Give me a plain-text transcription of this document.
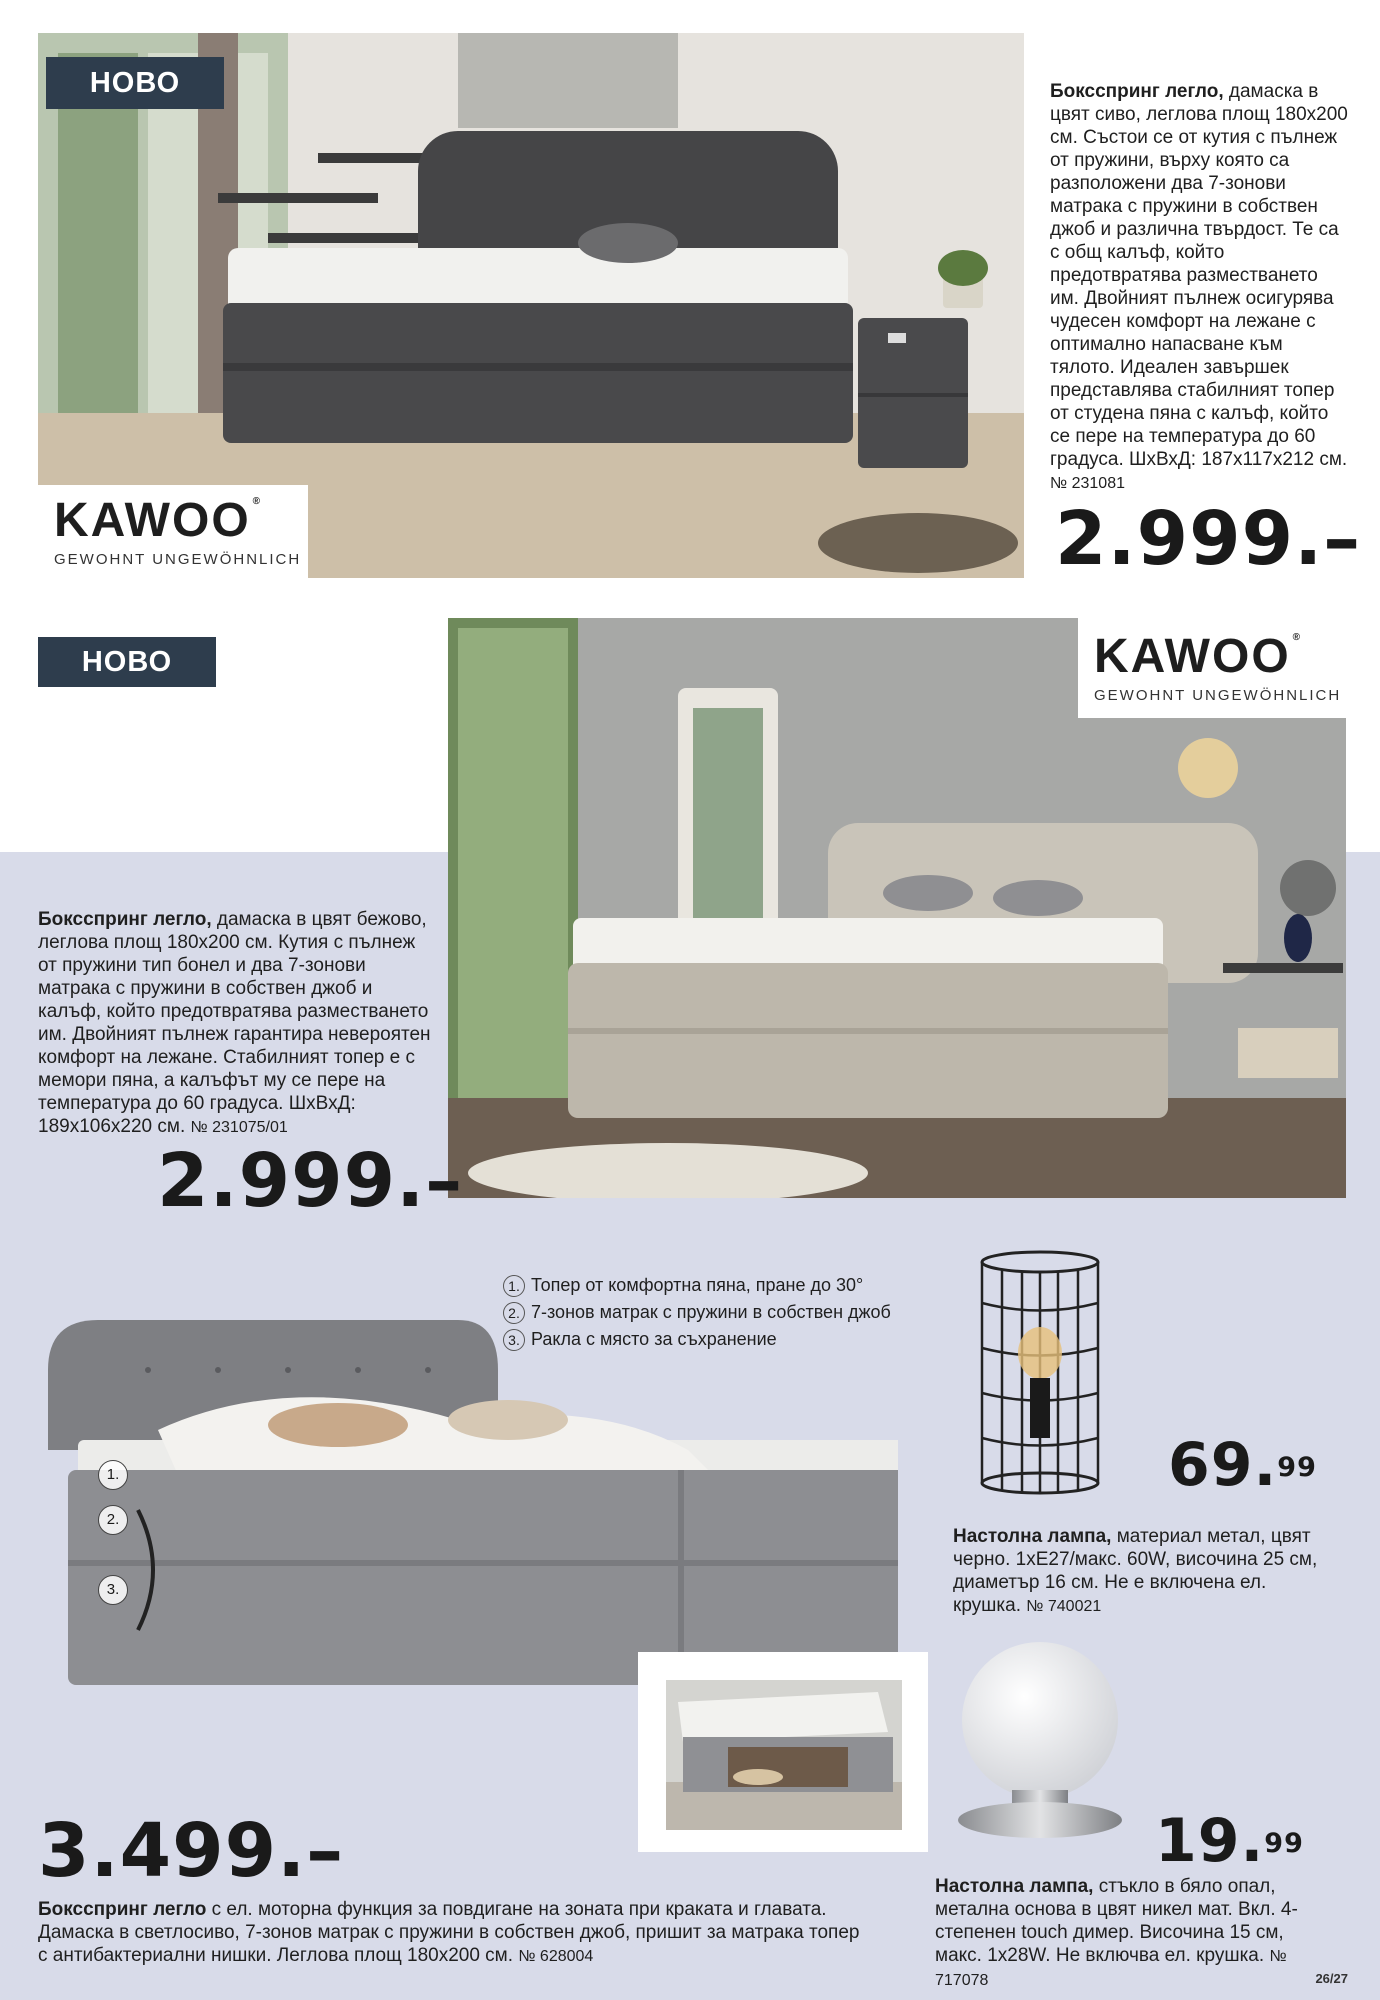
НОВО
KAWOO ®
GEWOHNT UNGEWÖHNLICH
Боксспринг легло, дамаска в цвят сиво, леглова площ 180x200 см. Състои се от кутия с пълнеж от пружини, върху която са разположени два 7-зонови матрака с пружини в собствен джоб и различна твърдост. Те са с общ калъф, който предотвратява разместването им. Двойният пълнеж осигурява чудесен комфорт на лежане с оптимално напасване към тялото. Идеален завършек представлява стабилният топер от студена пяна с калъф, който се пере на температура до 60 градуса. ШхВхД: 187x117x212 см. № 231081
2.999.–
НОВО	KAWOO ®
GEWOHNT UNGEWÖHNLICH
Боксспринг легло, дамаска в цвят бежово, леглова площ 180x200 см. Кутия с пълнеж от пружини тип бонел и два 7-зонови матрака с пружини в собствен джоб и калъф, който предотвратява разместването им. Двойният пълнеж гарантира невероятен комфорт на лежане. Стабилният топер е с мемори пяна, а калъфът му се пере на температура до 60 градуса. ШхВхД: 189x106x220 см. № 231075/01
2.999.–
1.
2.
3.
1. Топер от комфортна пяна, пране до 30°
2. 7-зонов матрак с пружини в собствен джоб
3. Ракла с място за съхранение
3.499.–
Боксспринг легло с ел. моторна функция за повдигане на зоната при краката и главата. Дамаска в светлосиво, 7-зонов матрак с пружини в собствен джоб, пришит за матрака топер с антибактериални нишки. Леглова площ 180x200 см. № 628004
69.99
Настолна лампа, материал метал, цвят черно. 1xE27/макс. 60W, височина 25 см, диаметър 16 см. Не е включена ел. крушка. № 740021
19.99
Настолна лампа, стъкло в бяло опал, метална основа в цвят никел мат. Вкл. 4-степенен touch димер. Височина 15 см, макс. 1x28W. Не включва ел. крушка. № 717078	26/27
